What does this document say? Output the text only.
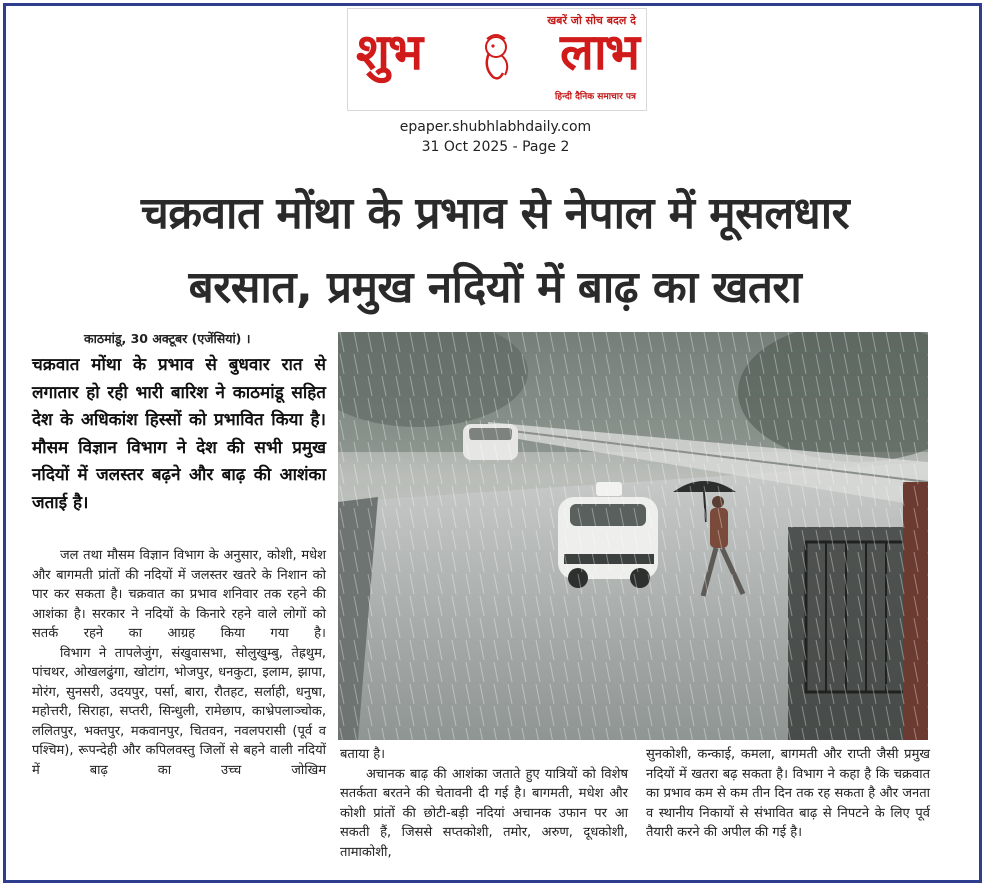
खबरें जो सोच बदल दे
शुभ	लाभ
हिन्दी दैनिक समाचार पत्र
epaper.shubhlabhdaily.com
31 Oct 2025 - Page 2
चक्रवात मोंथा के प्रभाव से नेपाल में मूसलधार
बरसात, प्रमुख नदियों में बाढ़ का खतरा
काठमांडू, 30 अक्टूबर (एजेंसियां) ।
चक्रवात मोंथा के प्रभाव से बुधवार रात से लगातार हो रही भारी बारिश ने काठमांडू सहित देश के अधिकांश हिस्सों को प्रभावित किया है। मौसम विज्ञान विभाग ने देश की सभी प्रमुख नदियों में जलस्तर बढ़ने और बाढ़ की आशंका जताई है।

जल तथा मौसम विज्ञान विभाग के अनुसार, कोशी, मधेश और बागमती प्रांतों की नदियों में जलस्तर खतरे के निशान को पार कर सकता है। चक्रवात का प्रभाव शनिवार तक रहने की आशंका है। सरकार ने नदियों के किनारे रहने वाले लोगों को सतर्क रहने का आग्रह किया गया है।

विभाग ने तापलेजुंग, संखुवासभा, सोलुखुम्बु, तेह्रथुम, पांचथर, ओखलढुंगा, खोटांग, भोजपुर, धनकुटा, इलाम, झापा, मोरंग, सुनसरी, उदयपुर, पर्सा, बारा, रौतहट, सर्लाही, धनुषा, महोत्तरी, सिराहा, सप्तरी, सिन्धुली, रामेछाप, काभ्रेपलाञ्चोक, ललितपुर, भक्तपुर, मकवानपुर, चितवन, नवलपरासी (पूर्व व पश्चिम), रूपन्देही और कपिलवस्तु जिलों से बहने वाली नदियों में बाढ़ का उच्च जोखिम

बताया है।

अचानक बाढ़ की आशंका जताते हुए यात्रियों को विशेष सतर्कता बरतने की चेतावनी दी गई है। बागमती, मधेश और कोशी प्रांतों की छोटी-बड़ी नदियां अचानक उफान पर आ सकती हैं, जिससे सप्तकोशी, तमोर, अरुण, दूधकोशी, तामाकोशी,

सुनकोशी, कन्काई, कमला, बागमती और राप्ती जैसी प्रमुख नदियों में खतरा बढ़ सकता है। विभाग ने कहा है कि चक्रवात का प्रभाव कम से कम तीन दिन तक रह सकता है और जनता व स्थानीय निकायों से संभावित बाढ़ से निपटने के लिए पूर्व तैयारी करने की अपील की गई है।
